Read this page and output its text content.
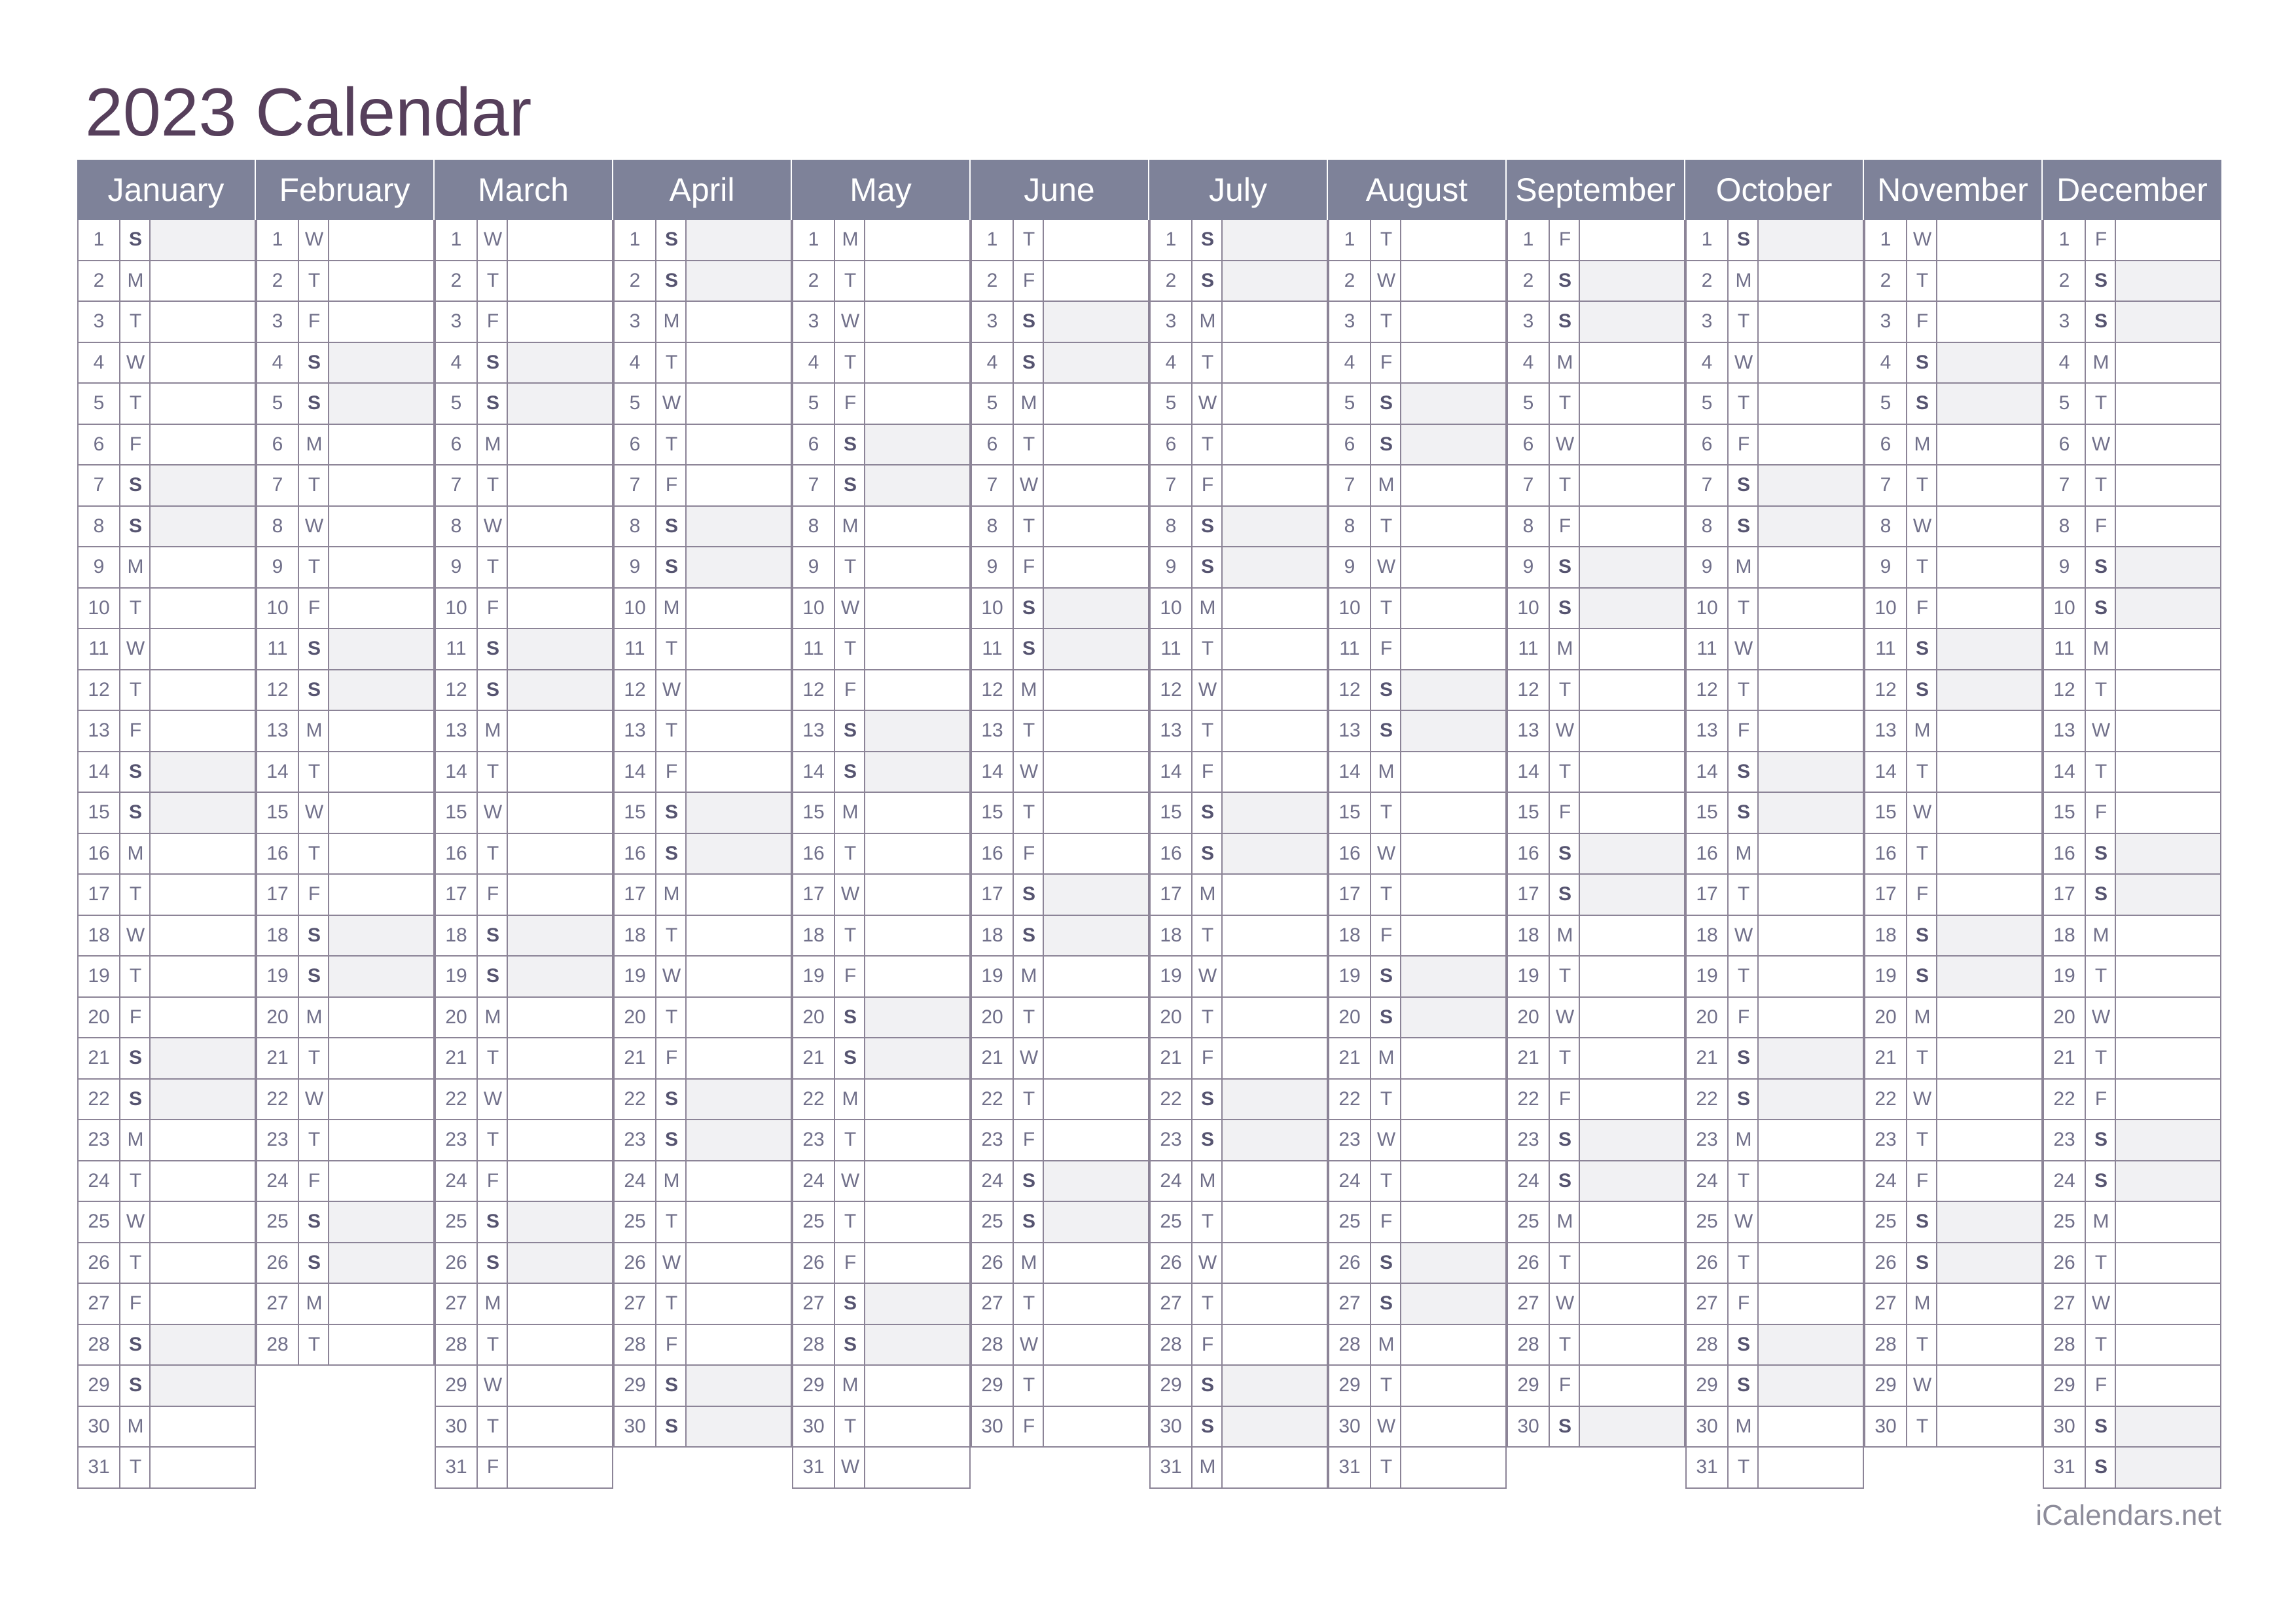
2023 Calendar
January
1	S
2	M
3	T
4	W
5	T
6	F
7	S
8	S
9	M
10	T
11 W
12	T
13	F
14 S
15 S
16 M
17	T
18 W
19	T
20	F
21 S
22 S
23 M
24	T
25 W
26	T
27	F
28 S
29 S
30 M
31	T
February
1	W
2	T
3	F
4	S
5	S
6	M
7	T
8	W
9	T
10	F
11	S
12 S
13 M
14	T
15 W
16	T
17	F
18 S
19 S
20 M
21	T
22 W
23	T
24	F
25 S
26 S
27 M
28	T
March
1	W
2	T
3	F
4	S
5	S
6	M
7	T
8	W
9	T
10	F
11	S
12 S
13 M
14	T
15 W
16	T
17	F
18 S
19 S
20 M
21	T
22 W
23	T
24	F
25 S
26 S
27 M
28	T
29 W
30	T
31	F
April
1	S
2	S
3	M
4	T
5	W
6	T
7	F
8	S
9	S
10 M
11	T
12 W
13	T
14	F
15 S
16 S
17 M
18	T
19 W
20	T
21	F
22 S
23 S
24 M
25	T
26 W
27	T
28	F
29 S
30 S
May
1	M
2	T
3	W
4	T
5	F
6	S
7	S
8	M
9	T
10 W
11	T
12	F
13 S
14 S
15 M
16	T
17 W
18	T
19	F
20 S
21 S
22 M
23	T
24 W
25	T
26	F
27 S
28 S
29 M
30	T
31 W
June
1	T
2	F
3	S
4	S
5	M
6	T
7	W
8	T
9	F
10 S
11	S
12 M
13	T
14 W
15	T
16	F
17 S
18 S
19 M
20	T
21 W
22	T
23	F
24 S
25 S
26 M
27	T
28 W
29	T
30	F
July
1	S
2	S
3	M
4	T
5	W
6	T
7	F
8	S
9	S
10 M
11	T
12 W
13	T
14	F
15 S
16 S
17 M
18	T
19 W
20	T
21	F
22 S
23 S
24 M
25	T
26 W
27	T
28	F
29 S
30 S
31 M
August
1	T
2	W
3	T
4	F
5	S
6	S
7	M
8	T
9	W
10	T
11	F
12 S
13 S
14 M
15	T
16 W
17	T
18	F
19 S
20 S
21 M
22	T
23 W
24	T
25	F
26 S
27 S
28 M
29	T
30 W
31	T
September
1	F
2	S
3	S
4	M
5	T
6	W
7	T
8	F
9	S
10 S
11 M
12	T
13 W
14	T
15	F
16 S
17 S
18 M
19	T
20 W
21	T
22	F
23 S
24 S
25 M
26	T
27 W
28	T
29	F
30 S
October
1	S
2	M
3	T
4	W
5	T
6	F
7	S
8	S
9	M
10	T
11 W
12	T
13	F
14 S
15 S
16 M
17	T
18 W
19	T
20	F
21 S
22 S
23 M
24	T
25 W
26	T
27	F
28 S
29 S
30 M
31	T
November
1	W
2	T
3	F
4	S
5	S
6	M
7	T
8	W
9	T
10	F
11	S
12 S
13 M
14	T
15 W
16	T
17	F
18 S
19 S
20 M
21	T
22 W
23	T
24	F
25 S
26 S
27 M
28	T
29 W
30	T
December
1	F
2	S
3	S
4	M
5	T
6	W
7	T
8	F
9	S
10 S
11 M
12	T
13 W
14	T
15	F
16 S
17 S
18 M
19	T
20 W
21	T
22	F
23 S
24 S
25 M
26	T
27 W
28	T
29	F
30 S
31 S
iCalendars.net
